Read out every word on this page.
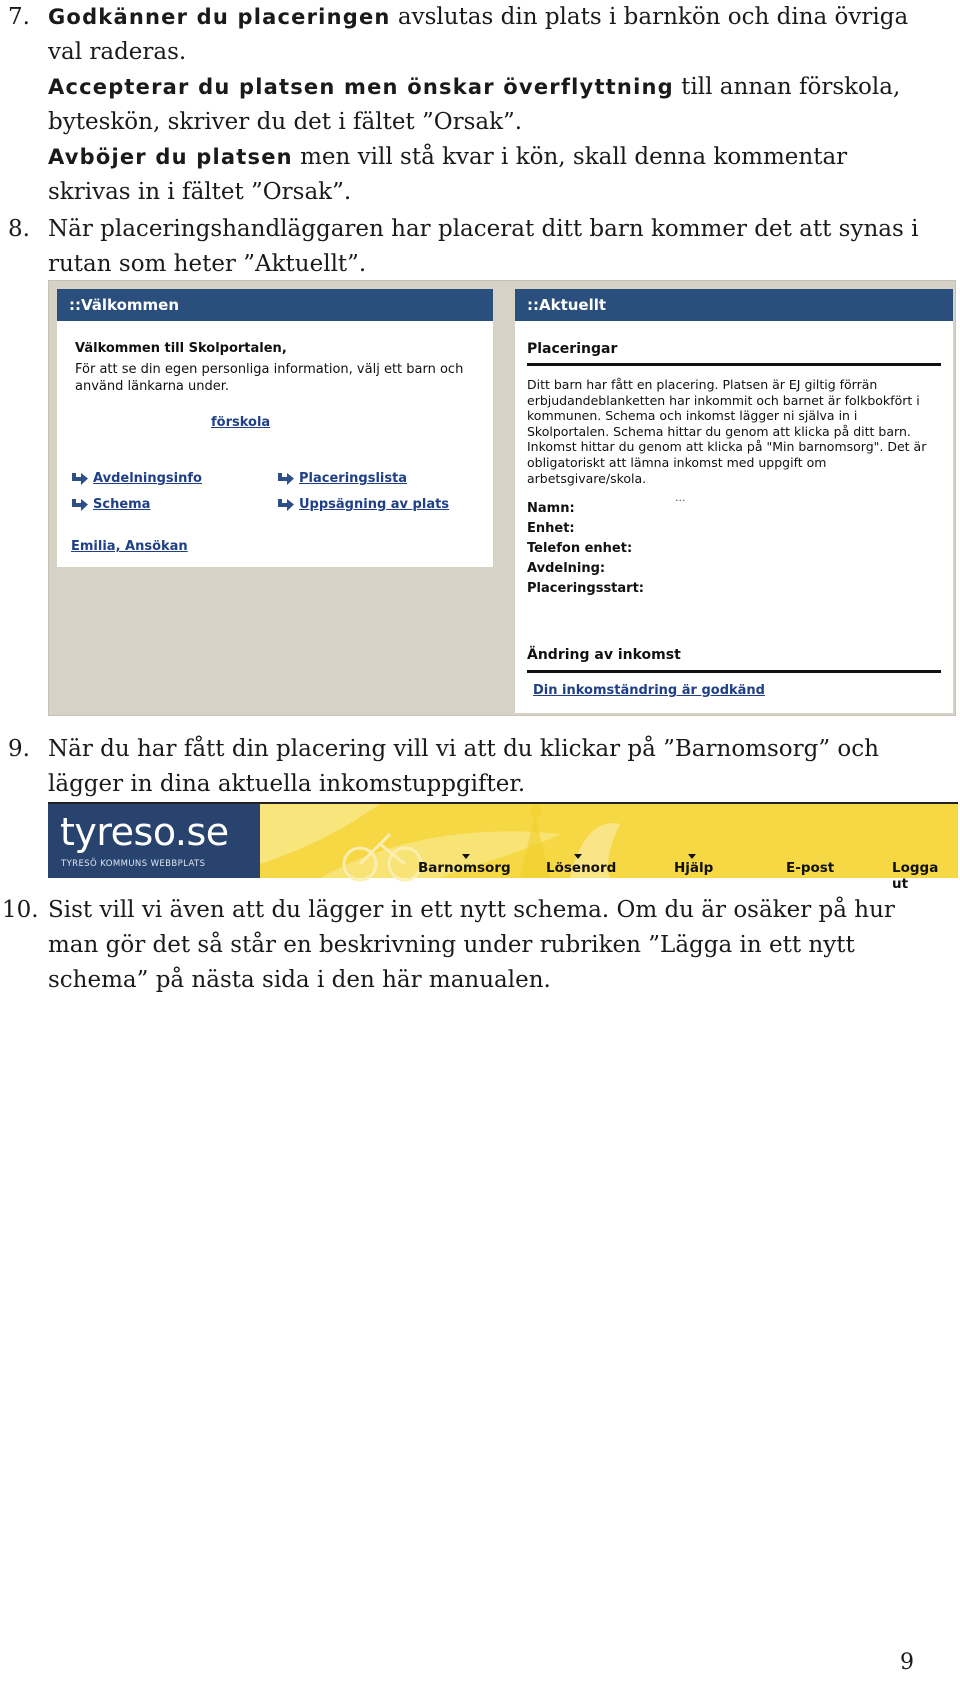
7. Godkänner du placeringen avslutas din plats i barnkön och dina övriga val raderas.
Accepterar du platsen men önskar överflyttning till annan förskola, byteskön, skriver du det i fältet ”Orsak”.
Avböjer du platsen men vill stå kvar i kön, skall denna kommentar skrivas in i fältet ”Orsak”.
8. När placeringshandläggaren har placerat ditt barn kommer det att synas i rutan som heter ”Aktuellt”.
::Välkommen
Välkommen till Skolportalen,
För att se din egen personliga information, välj ett barn och använd länkarna under.
förskola
Avdelningsinfo	Placeringslista
Schema	Uppsägning av plats
Emilia, Ansökan
::Aktuellt
Placeringar
Ditt barn har fått en placering. Platsen är EJ giltig förrän erbjudandeblanketten har inkommit och barnet är folkbokfört i kommunen. Schema och inkomst lägger ni själva in i Skolportalen. Schema hittar du genom att klicka på ditt barn. Inkomst hittar du genom att klicka på "Min barnomsorg". Det är obligatoriskt att lämna inkomst med uppgift om arbetsgivare/skola.
Namn:
...
Enhet:
Telefon enhet:
Avdelning:
Placeringsstart:
Ändring av inkomst
Din inkomständring är godkänd
9. När du har fått din placering vill vi att du klickar på ”Barnomsorg” och lägger in dina aktuella inkomstuppgifter.
tyreso.se
TYRESÖ KOMMUNS WEBBPLATS	Barnomsorg	Lösenord	Hjälp	E-post	Logga ut
10. Sist vill vi även att du lägger in ett nytt schema. Om du är osäker på hur man gör det så står en beskrivning under rubriken ”Lägga in ett nytt schema” på nästa sida i den här manualen.
9
